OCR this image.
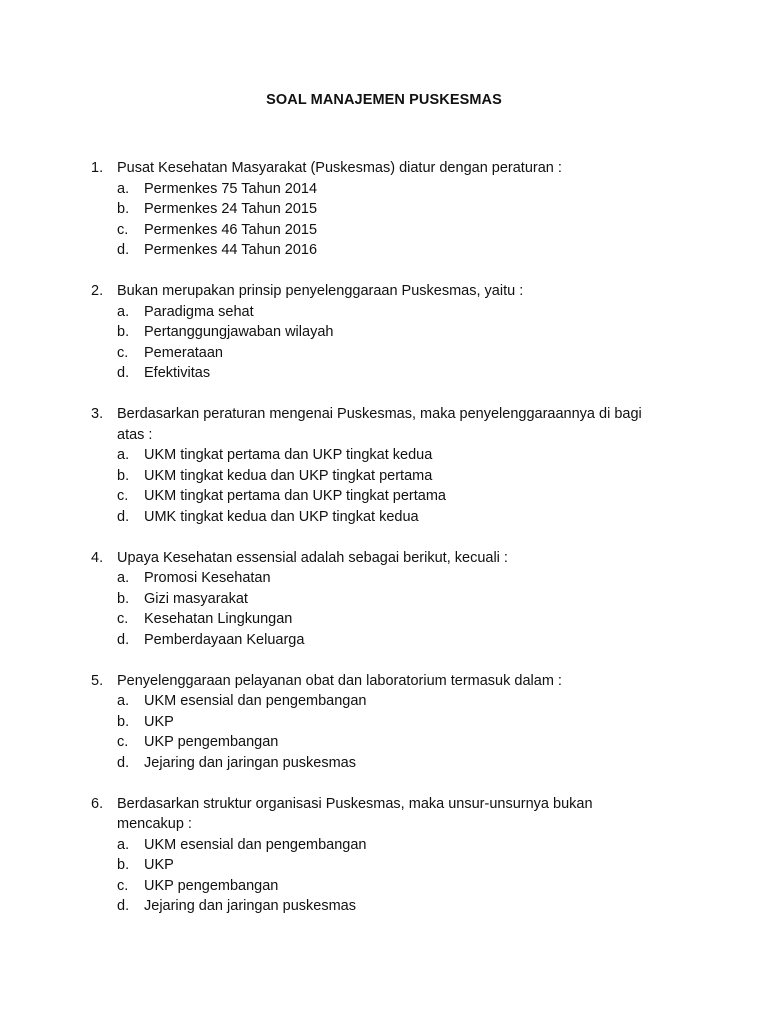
SOAL MANAJEMEN PUSKESMAS
1. Pusat Kesehatan Masyarakat (Puskesmas) diatur dengan peraturan :
a. Permenkes 75 Tahun 2014
b. Permenkes 24 Tahun 2015
c. Permenkes 46 Tahun 2015
d. Permenkes 44 Tahun 2016
2. Bukan merupakan prinsip penyelenggaraan Puskesmas, yaitu :
a. Paradigma sehat
b. Pertanggungjawaban wilayah
c. Pemerataan
d. Efektivitas
3. Berdasarkan peraturan mengenai Puskesmas, maka penyelenggaraannya di bagi atas :
a. UKM tingkat pertama dan UKP tingkat kedua
b. UKM tingkat kedua dan UKP tingkat pertama
c. UKM tingkat pertama dan UKP tingkat pertama
d. UMK tingkat kedua dan UKP tingkat kedua
4. Upaya Kesehatan essensial adalah sebagai berikut, kecuali :
a. Promosi Kesehatan
b. Gizi masyarakat
c. Kesehatan Lingkungan
d. Pemberdayaan Keluarga
5. Penyelenggaraan pelayanan obat dan laboratorium termasuk dalam :
a. UKM esensial dan pengembangan
b. UKP
c. UKP pengembangan
d. Jejaring dan jaringan puskesmas
6. Berdasarkan struktur organisasi Puskesmas, maka unsur-unsurnya bukan mencakup :
a. UKM esensial dan pengembangan
b. UKP
c. UKP pengembangan
d. Jejaring dan jaringan puskesmas
